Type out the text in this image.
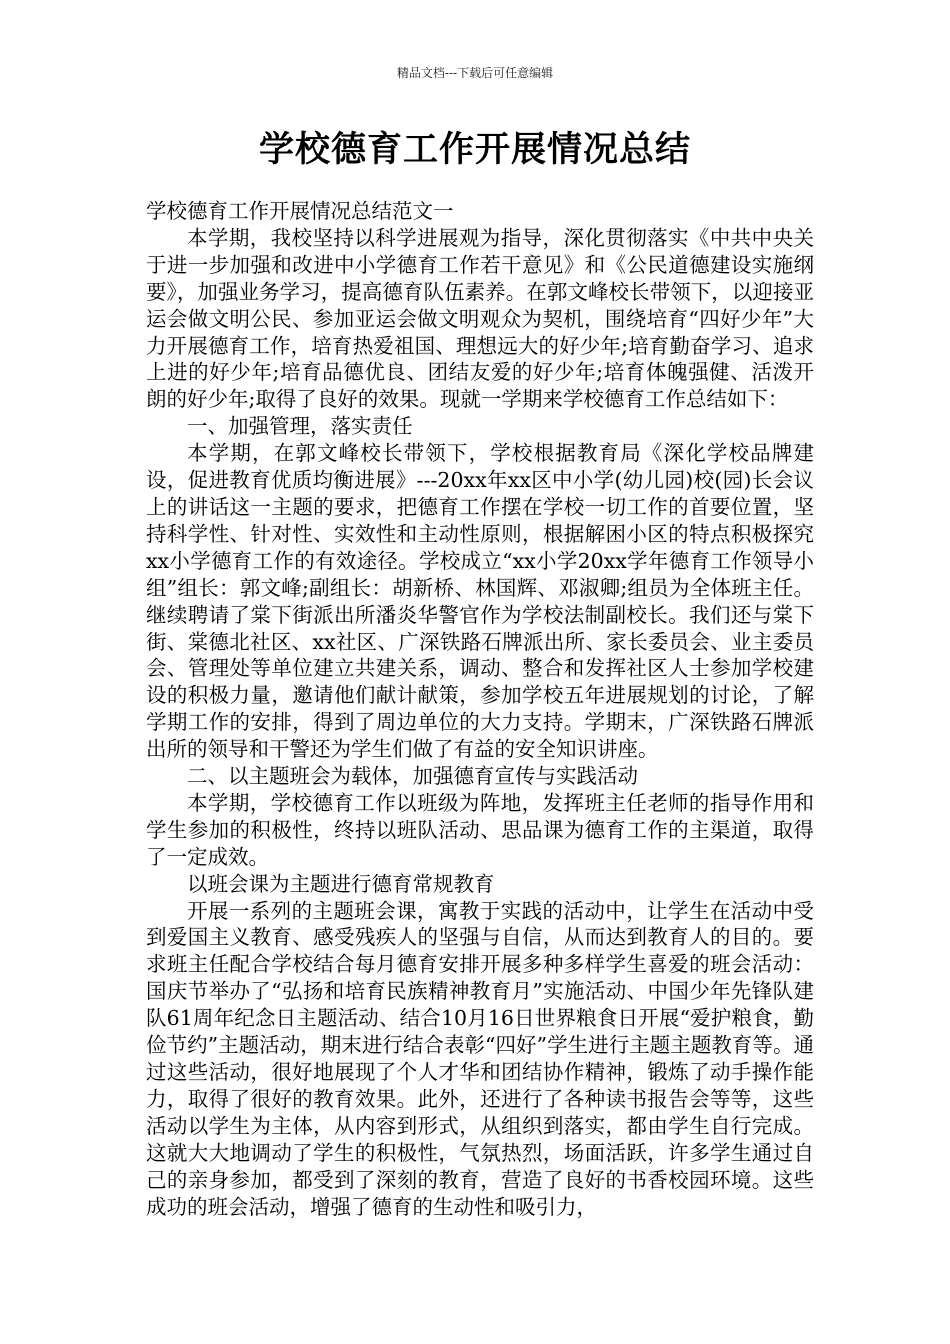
精品文档---下载后可任意编辑
学校德育工作开展情况总结

学校德育工作开展情况总结范文一

本学期，我校坚持以科学进展观为指导，深化贯彻落实《中共中央关于进一步加强和改进中小学德育工作若干意见》和《公民道德建设实施纲要》，加强业务学习，提高德育队伍素养。在郭文峰校长带领下，以迎接亚运会做文明公民、参加亚运会做文明观众为契机，围绕培育“四好少年”大力开展德育工作，培育热爱祖国、理想远大的好少年;培育勤奋学习、追求上进的好少年;培育品德优良、团结友爱的好少年;培育体魄强健、活泼开朗的好少年;取得了良好的效果。现就一学期来学校德育工作总结如下：

一、加强管理，落实责任

本学期，在郭文峰校长带领下，学校根据教育局《深化学校品牌建设，促进教育优质均衡进展》---20xx年xx区中小学(幼儿园)校(园)长会议上的讲话这一主题的要求，把德育工作摆在学校一切工作的首要位置，坚持科学性、针对性、实效性和主动性原则，根据解困小区的特点积极探究xx小学德育工作的有效途径。学校成立“xx小学20xx学年德育工作领导小组”组长：郭文峰;副组长：胡新桥、林国辉、邓淑卿;组员为全体班主任。继续聘请了棠下街派出所潘炎华警官作为学校法制副校长。我们还与棠下街、棠德北社区、xx社区、广深铁路石牌派出所、家长委员会、业主委员会、管理处等单位建立共建关系，调动、整合和发挥社区人士参加学校建设的积极力量，邀请他们献计献策，参加学校五年进展规划的讨论，了解学期工作的安排，得到了周边单位的大力支持。学期末，广深铁路石牌派出所的领导和干警还为学生们做了有益的安全知识讲座。

二、以主题班会为载体，加强德育宣传与实践活动

本学期，学校德育工作以班级为阵地，发挥班主任老师的指导作用和学生参加的积极性，终持以班队活动、思品课为德育工作的主渠道，取得了一定成效。

以班会课为主题进行德育常规教育

开展一系列的主题班会课，寓教于实践的活动中，让学生在活动中受到爱国主义教育、感受残疾人的坚强与自信，从而达到教育人的目的。要求班主任配合学校结合每月德育安排开展多种多样学生喜爱的班会活动：国庆节举办了“弘扬和培育民族精神教育月”实施活动、中国少年先锋队建队61周年纪念日主题活动、结合10月16日世界粮食日开展“爱护粮食，勤俭节约”主题活动，期末进行结合表彰“四好”学生进行主题主题教育等。通过这些活动，很好地展现了个人才华和团结协作精神，锻炼了动手操作能力，取得了很好的教育效果。此外，还进行了各种读书报告会等等，这些活动以学生为主体，从内容到形式，从组织到落实，都由学生自行完成。这就大大地调动了学生的积极性，气氛热烈，场面活跃，许多学生通过自己的亲身参加，都受到了深刻的教育，营造了良好的书香校园环境。这些成功的班会活动，增强了德育的生动性和吸引力，
